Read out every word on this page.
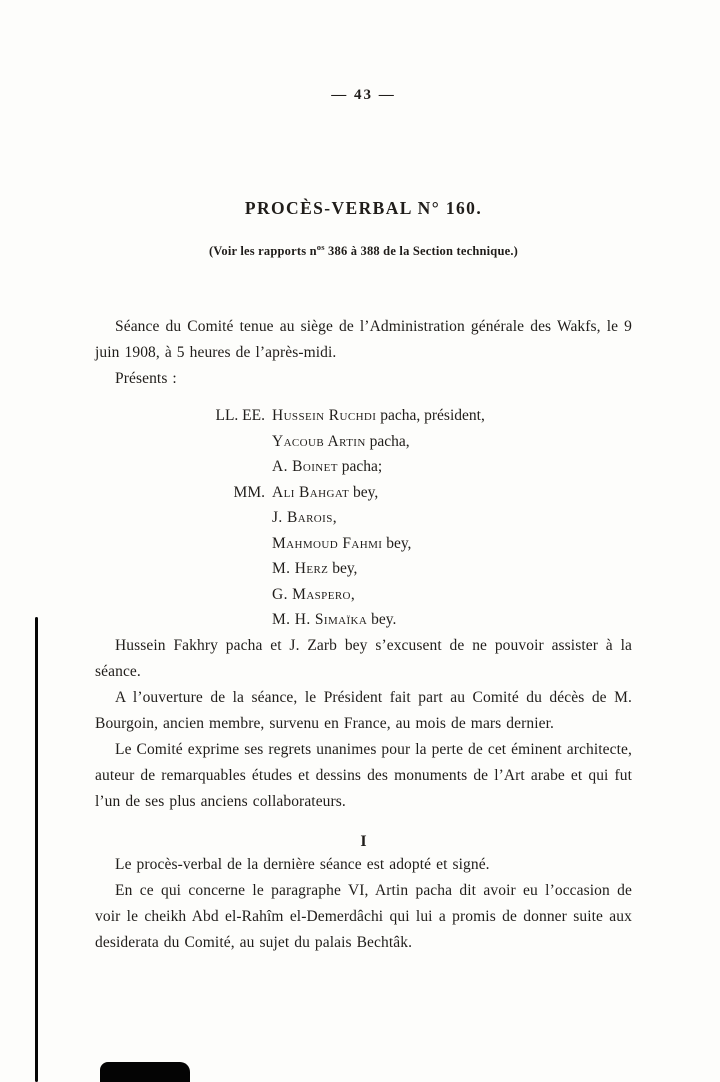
— 43 —
PROCÈS-VERBAL N° 160.
(Voir les rapports $n^{os}$ 386 à 388 de la Section technique.)

Séance du Comité tenue au siège de l’Administration générale des Wakfs, le 9 juin 1908, à 5 heures de l’après-midi.

Présents :

LL. EE. Hussein Ruchdi pacha, président,
Yacoub Artin pacha,
A. Boinet pacha;
MM. Ali Bahgat bey,
J. Barois,
Mahmoud Fahmi bey,
M. Herz bey,
G. Maspero,
M. H. Simaïka bey.

Hussein Fakhry pacha et J. Zarb bey s’excusent de ne pouvoir assister à la séance.

A l’ouverture de la séance, le Président fait part au Comité du décès de M. Bourgoin, ancien membre, survenu en France, au mois de mars dernier.

Le Comité exprime ses regrets unanimes pour la perte de cet éminent architecte, auteur de remarquables études et dessins des monuments de l’Art arabe et qui fut l’un de ses plus anciens collaborateurs.

I

Le procès-verbal de la dernière séance est adopté et signé.

En ce qui concerne le paragraphe VI, Artin pacha dit avoir eu l’occasion de voir le cheikh Abd el-Rahîm el-Demerdâchi qui lui a promis de donner suite aux desiderata du Comité, au sujet du palais Bechtâk.
